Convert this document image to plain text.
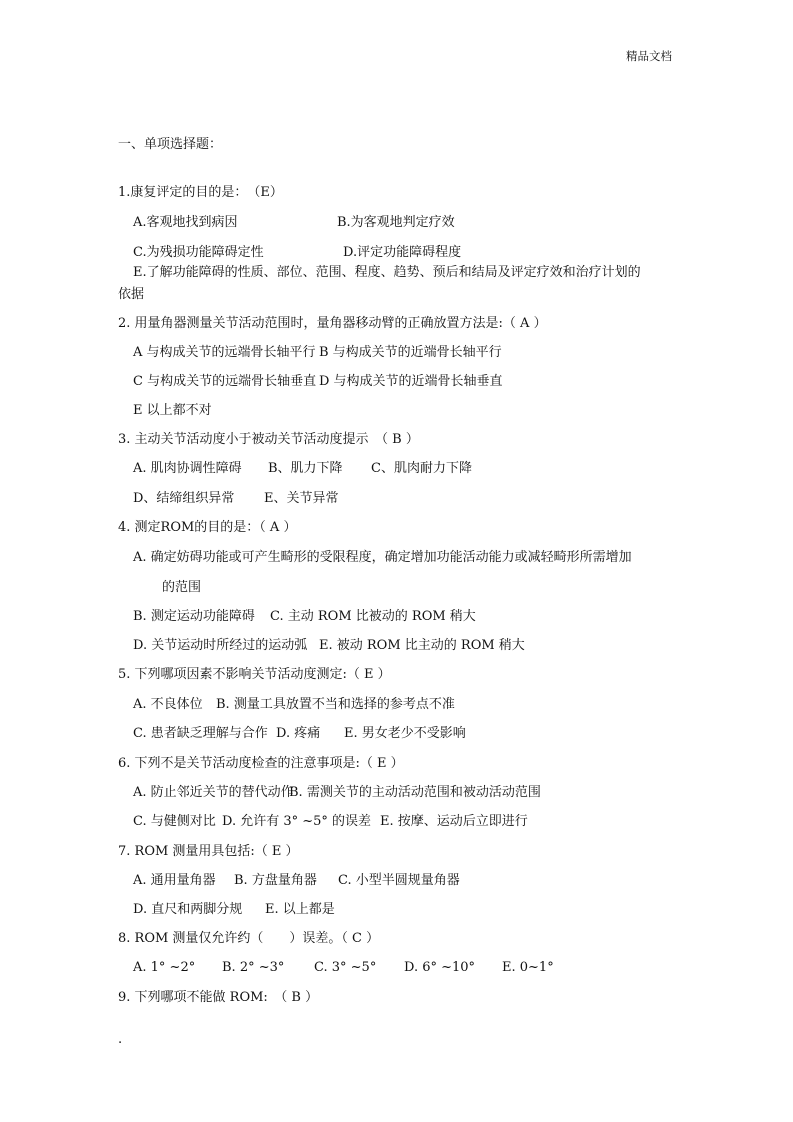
精品文档
一、单项选择题：
1.康复评定的目的是：　（E）
A.客观地找到病因	B.为客观地判定疗效
C.为残损功能障碍定性	D.评定功能障碍程度
E.了解功能障碍的性质、部位、范围、程度、趋势、预后和结局及评定疗效和治疗计划的
依据
2. 用量角器测量关节活动范围时，量角器移动臂的正确放置方法是:（ A ）
A 与构成关节的远端骨长轴平行 B 与构成关节的近端骨长轴平行
C 与构成关节的远端骨长轴垂直 D 与构成关节的近端骨长轴垂直
E 以上都不对
3. 主动关节活动度小于被动关节活动度提示　（ B ）
A. 肌肉协调性障碍 B、肌力下降 C、肌肉耐力下降
D、结缔组织异常 E、关节异常
4. 测定ROM的目的是：（ A ）
A. 确定妨碍功能或可产生畸形的受限程度，确定增加功能活动能力或减轻畸形所需增加
的范围
B. 测定运动功能障碍 C. 主动 ROM 比被动的 ROM 稍大
D. 关节运动时所经过的运动弧 E. 被动 ROM 比主动的 ROM 稍大
5. 下列哪项因素不影响关节活动度测定:（ E ）
A. 不良体位 B. 测量工具放置不当和选择的参考点不准
C. 患者缺乏理解与合作 D. 疼痛 E. 男女老少不受影响
6. 下列不是关节活动度检查的注意事项是:（ E ）
A. 防止邻近关节的替代动作
B. 需测关节的主动活动范围和被动活动范围
C. 与健侧对比 D. 允许有 3° ~5° 的误差 E. 按摩、运动后立即进行
7. ROM 测量用具包括:（ E ）
A. 通用量角器 B. 方盘量角器 C. 小型半圆规量角器
D. 直尺和两脚分规 E. 以上都是
8. ROM 测量仅允许约（　　）误差。（ C ）
A. 1° ~2° B. 2° ~3° C. 3° ~5° D. 6° ~10° E. 0~1°
9. 下列哪项不能做 ROM:　（ B ）
.
